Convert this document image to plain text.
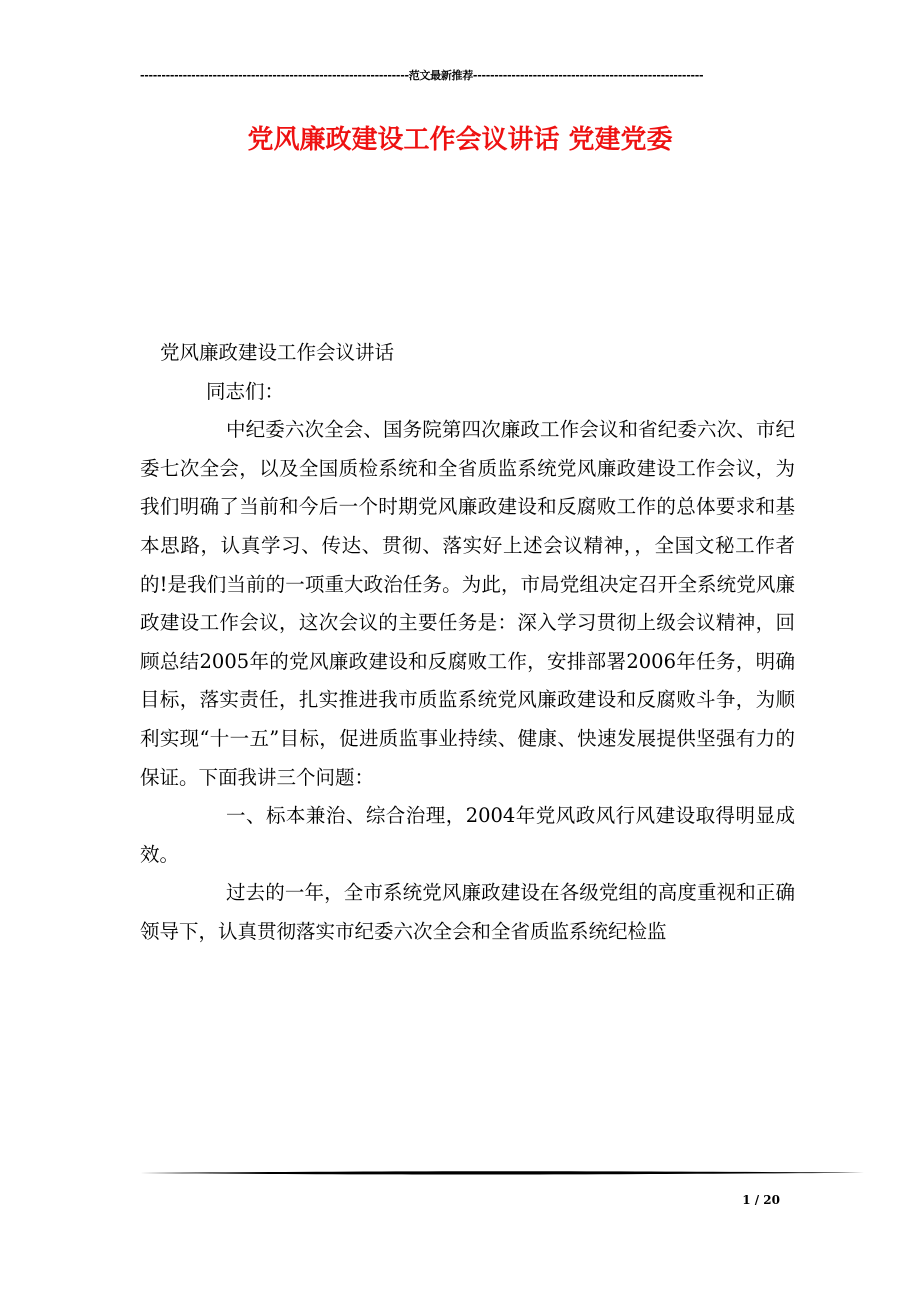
---------------------------------------------------------------范文最新推荐------------------------------------------------------
党风廉政建设工作会议讲话 党建党委

党风廉政建设工作会议讲话

同志们：

中纪委六次全会、国务院第四次廉政工作会议和省纪委六次、市纪委七次全会，以及全国质检系统和全省质监系统党风廉政建设工作会议，为我们明确了当前和今后一个时期党风廉政建设和反腐败工作的总体要求和基本思路，认真学习、传达、贯彻、落实好上述会议精神，，全国文秘工作者的!是我们当前的一项重大政治任务。为此，市局党组决定召开全系统党风廉政建设工作会议，这次会议的主要任务是：深入学习贯彻上级会议精神，回顾总结2005年的党风廉政建设和反腐败工作，安排部署2006年任务，明确目标，落实责任，扎实推进我市质监系统党风廉政建设和反腐败斗争，为顺利实现“十一五”目标，促进质监事业持续、健康、快速发展提供坚强有力的保证。下面我讲三个问题：

一、标本兼治、综合治理，2004年党风政风行风建设取得明显成效。

过去的一年，全市系统党风廉政建设在各级党组的高度重视和正确领导下，认真贯彻落实市纪委六次全会和全省质监系统纪检监

1 / 20
